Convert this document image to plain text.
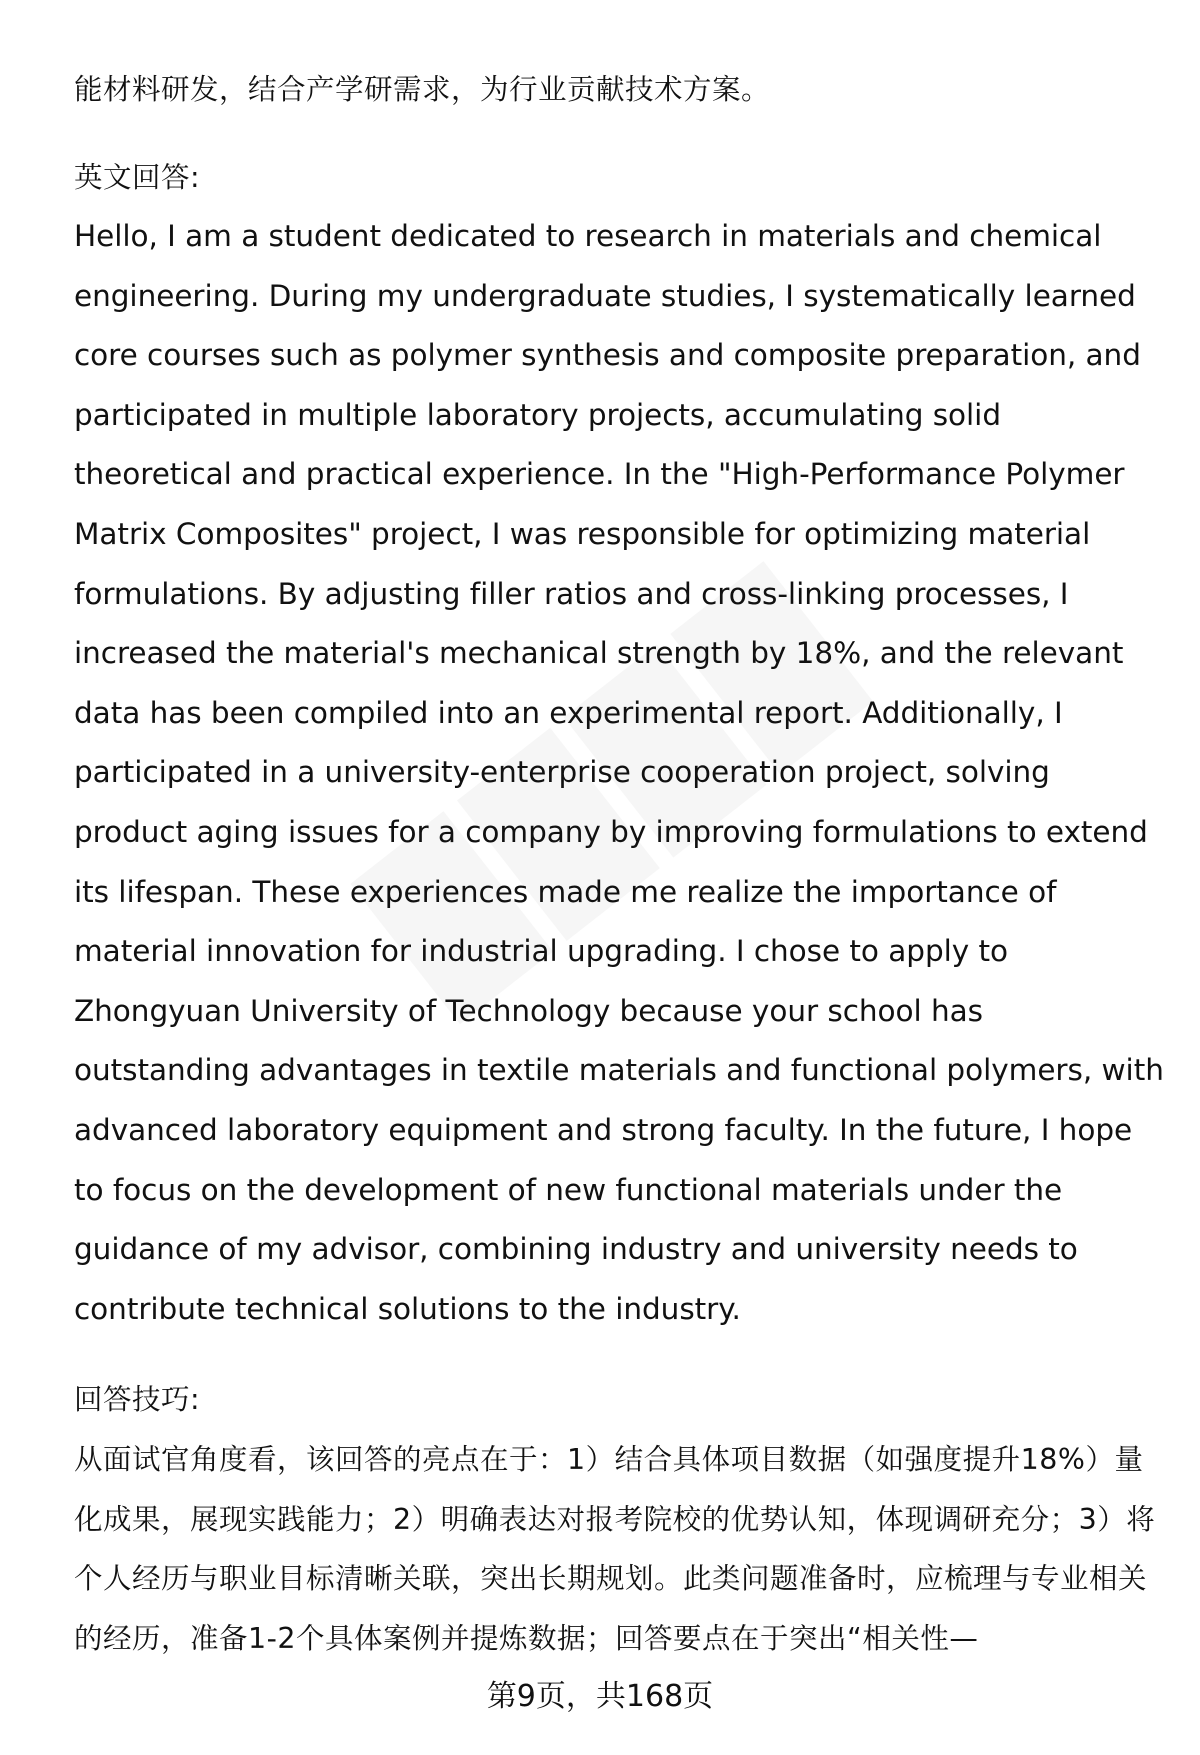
能材料研发，结合产学研需求，为行业贡献技术方案。
英文回答:
Hello, I am a student dedicated to research in materials and chemical engineering. During my undergraduate studies, I systematically learned core courses such as polymer synthesis and composite preparation, and participated in multiple laboratory projects, accumulating solid theoretical and practical experience. In the "High-Performance Polymer Matrix Composites" project, I was responsible for optimizing material formulations. By adjusting filler ratios and cross-linking processes, I increased the material's mechanical strength by 18%, and the relevant data has been compiled into an experimental report. Additionally, I participated in a university-enterprise cooperation project, solving product aging issues for a company by improving formulations to extend its lifespan. These experiences made me realize the importance of material innovation for industrial upgrading. I chose to apply to Zhongyuan University of Technology because your school has outstanding advantages in textile materials and functional polymers, with advanced laboratory equipment and strong faculty. In the future, I hope to focus on the development of new functional materials under the guidance of my advisor, combining industry and university needs to contribute technical solutions to the industry.
回答技巧:
从面试官角度看，该回答的亮点在于：1）结合具体项目数据（如强度提升18%）量化成果，展现实践能力；2）明确表达对报考院校的优势认知，体现调研充分；3）将个人经历与职业目标清晰关联，突出长期规划。此类问题准备时，应梳理与专业相关的经历，准备1-2个具体案例并提炼数据；回答要点在于突出“相关性—
第9页，共168页
